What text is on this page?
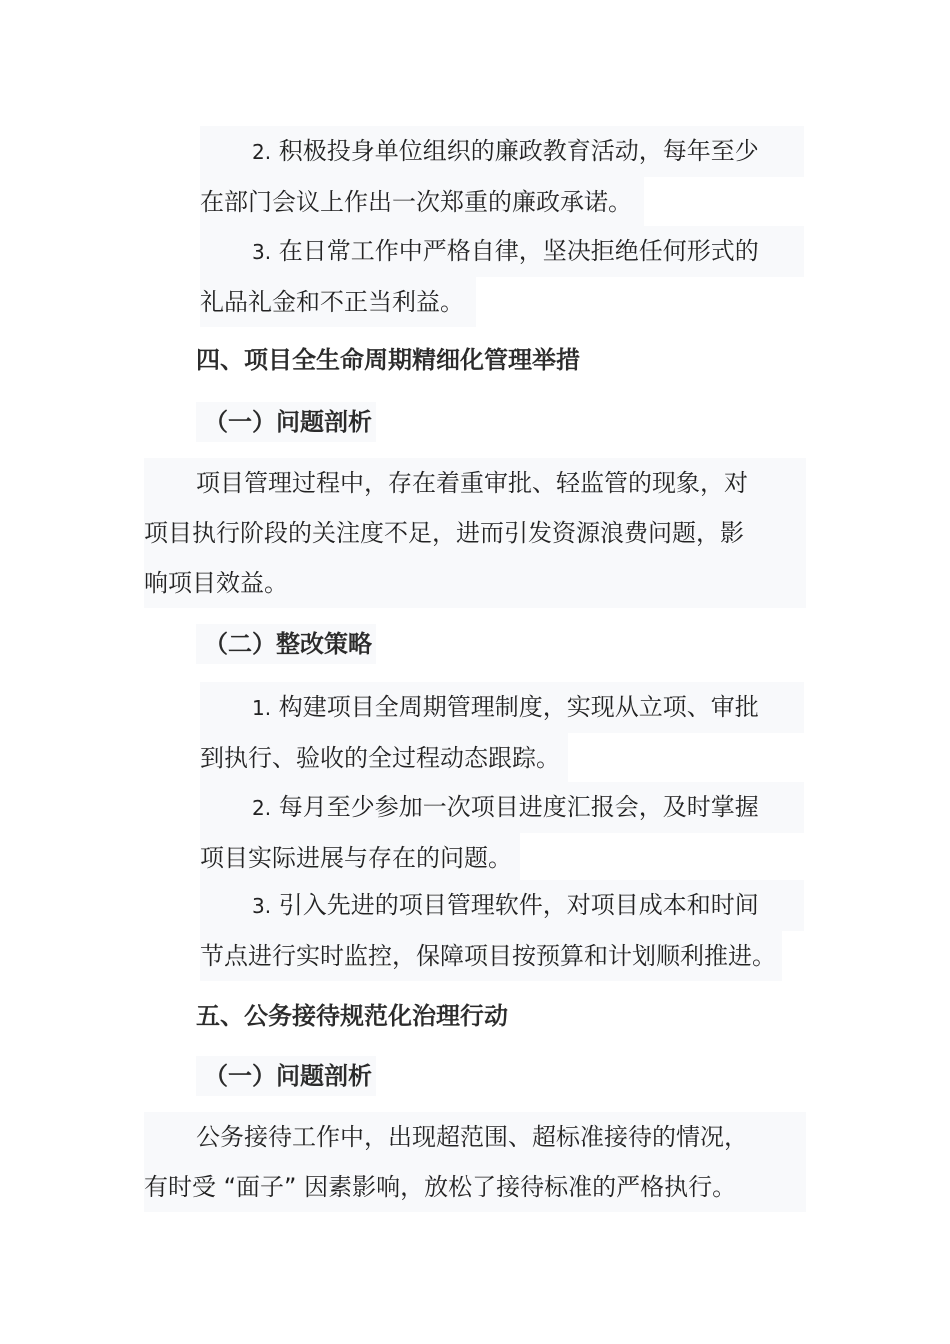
2. 积极投身单位组织的廉政教育活动，每年至少
在部门会议上作出一次郑重的廉政承诺。
3. 在日常工作中严格自律，坚决拒绝任何形式的
礼品礼金和不正当利益。
四、项目全生命周期精细化管理举措
（一）问题剖析
项目管理过程中，存在着重审批、轻监管的现象，对
项目执行阶段的关注度不足，进而引发资源浪费问题，影
响项目效益。
（二）整改策略
1. 构建项目全周期管理制度，实现从立项、审批
到执行、验收的全过程动态跟踪。
2. 每月至少参加一次项目进度汇报会，及时掌握
项目实际进展与存在的问题。
3. 引入先进的项目管理软件，对项目成本和时间
节点进行实时监控，保障项目按预算和计划顺利推进。
五、公务接待规范化治理行动
（一）问题剖析
公务接待工作中，出现超范围、超标准接待的情况，
有时受 “面子” 因素影响，放松了接待标准的严格执行。
